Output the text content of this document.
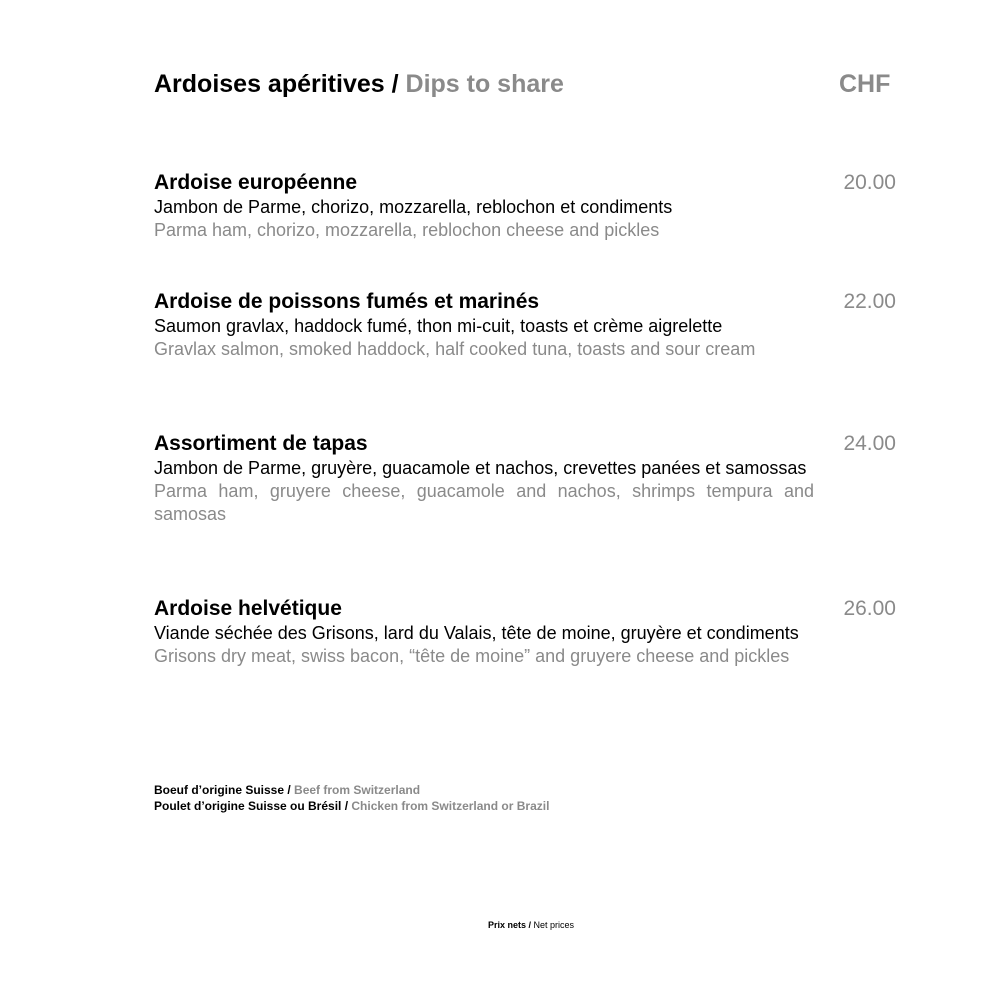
Ardoises apéritives / Dips to share	CHF
Ardoise européenne	20.00
Jambon de Parme, chorizo, mozzarella, reblochon et condiments
Parma ham, chorizo, mozzarella, reblochon cheese and pickles
Ardoise de poissons fumés et marinés	22.00
Saumon gravlax, haddock fumé, thon mi-cuit, toasts et crème aigrelette
Gravlax salmon, smoked haddock, half cooked tuna, toasts and sour cream
Assortiment de tapas	24.00
Jambon de Parme, gruyère, guacamole et nachos, crevettes panées et samossas
Parma ham, gruyere cheese, guacamole and nachos, shrimps tempura and samosas
Ardoise helvétique	26.00
Viande séchée des Grisons, lard du Valais, tête de moine, gruyère et condiments
Grisons dry meat, swiss bacon, “tête de moine” and gruyere cheese and pickles
Boeuf d’origine Suisse / Beef from Switzerland
Poulet d’origine Suisse ou Brésil / Chicken from Switzerland or Brazil
Prix nets / Net prices
